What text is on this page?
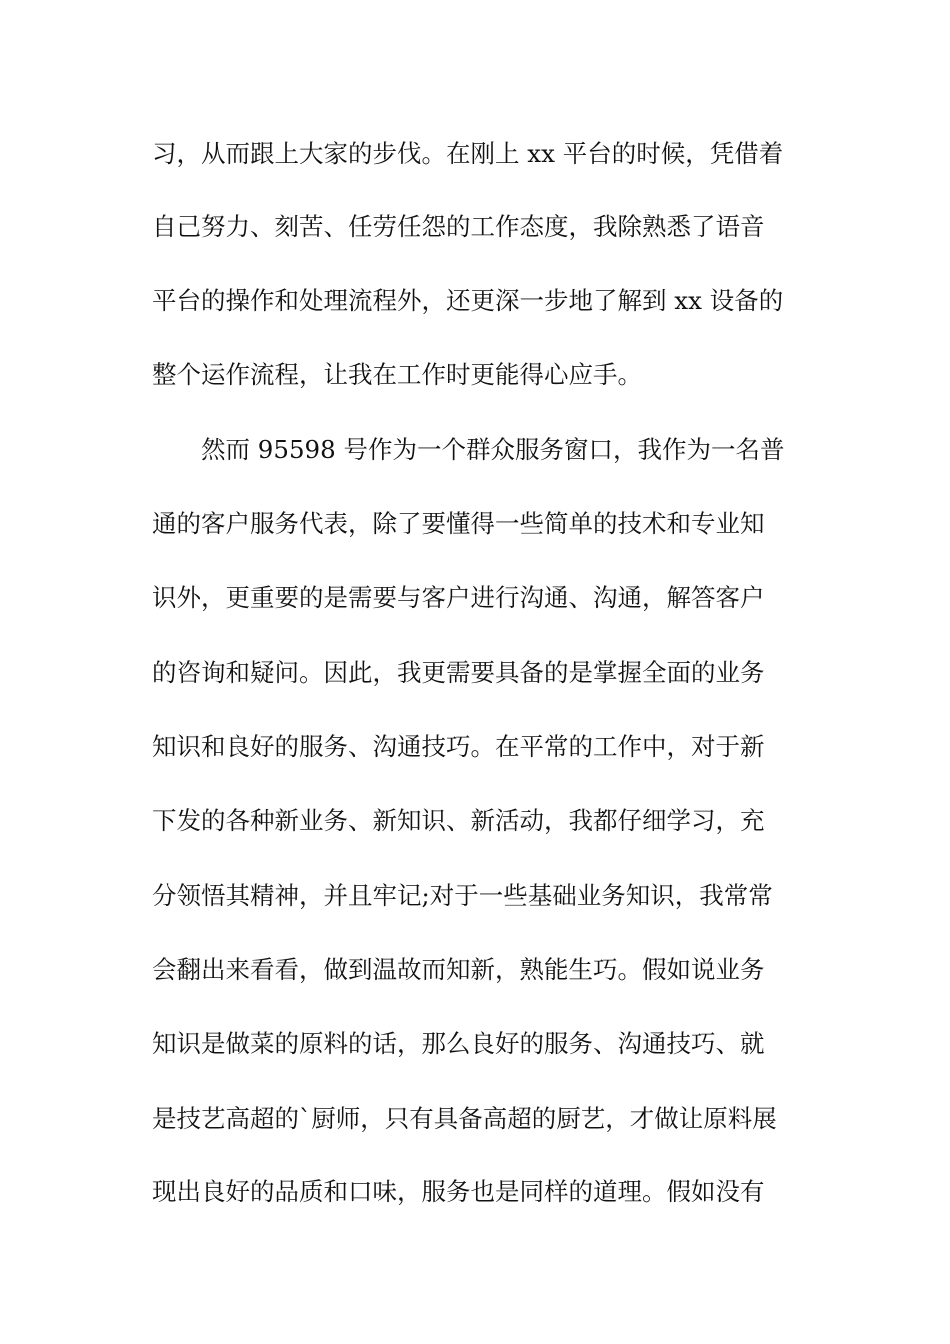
习，从而跟上大家的步伐。在刚上 xx 平台的时候，凭借着
自己努力、刻苦、任劳任怨的工作态度，我除熟悉了语音
平台的操作和处理流程外，还更深一步地了解到 xx 设备的
整个运作流程，让我在工作时更能得心应手。
然而 95598 号作为一个群众服务窗口，我作为一名普
通的客户服务代表，除了要懂得一些简单的技术和专业知
识外，更重要的是需要与客户进行沟通、沟通，解答客户
的咨询和疑问。因此，我更需要具备的是掌握全面的业务
知识和良好的服务、沟通技巧。在平常的工作中，对于新
下发的各种新业务、新知识、新活动，我都仔细学习，充
分领悟其精神，并且牢记;对于一些基础业务知识，我常常
会翻出来看看，做到温故而知新，熟能生巧。假如说业务
知识是做菜的原料的话，那么良好的服务、沟通技巧、就
是技艺高超的`厨师，只有具备高超的厨艺，才做让原料展
现出良好的品质和口味，服务也是同样的道理。假如没有
